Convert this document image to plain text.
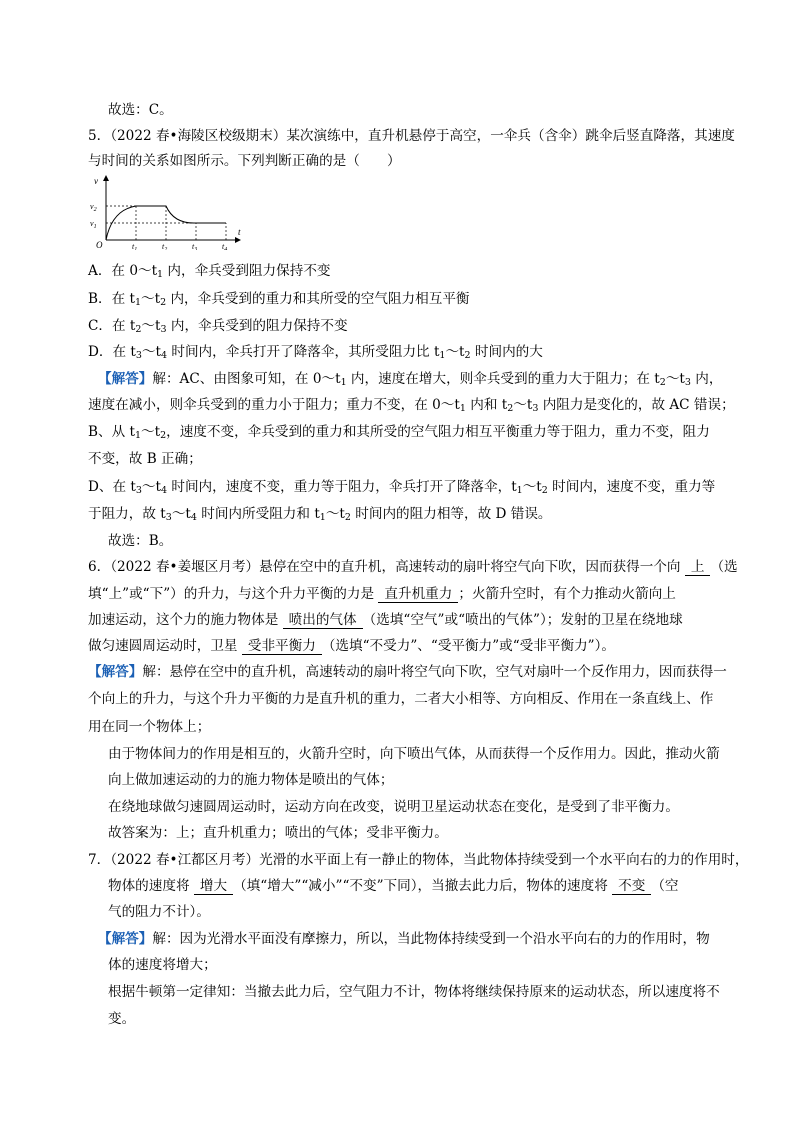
故选：C。
5．（2022 春•海陵区校级期末）某次演练中，直升机悬停于高空，一伞兵（含伞）跳伞后竖直降落，其速度
与时间的关系如图所示。下列判断正确的是（　　）
v
t
O	$t_1$	$t_2$	$t_3$	$t_4$
$v_1$
$v_2$
A．在 $0\sim t_1$ 内，伞兵受到阻力保持不变
B．在 $t_1\sim t_2$ 内，伞兵受到的重力和其所受的空气阻力相互平衡
C．在 $t_2\sim t_3$ 内，伞兵受到的阻力保持不变
D．在 $t_3\sim t_4$ 时间内，伞兵打开了降落伞，其所受阻力比 $t_1\sim t_2$ 时间内的大
【解答】解：AC、由图象可知，在 $0\sim t_1$ 内，速度在增大，则伞兵受到的重力大于阻力；在 $t_2\sim t_3$ 内，
速度在减小，则伞兵受到的重力小于阻力；重力不变，在 $0\sim t_1$ 内和 $t_2\sim t_3$ 内阻力是变化的，故 AC 错误；
B、从 $t_1\sim t_2$，速度不变，伞兵受到的重力和其所受的空气阻力相互平衡重力等于阻力，重力不变，阻力
不变，故 B 正确；
D、在 $t_3\sim t_4$ 时间内，速度不变，重力等于阻力，伞兵打开了降落伞，$t_1\sim t_2$ 时间内，速度不变，重力等
于阻力，故 $t_3\sim t_4$ 时间内所受阻力和 $t_1\sim t_2$ 时间内的阻力相等，故 D 错误。
故选：B。
6．（2022 春•姜堰区月考）悬停在空中的直升机，高速转动的扇叶将空气向下吹，因而获得一个向 上 （选
填“上”或“下”）的升力，与这个升力平衡的力是 直升机重力 ；火箭升空时，有个力推动火箭向上
加速运动，这个力的施力物体是 喷出的气体 （选填“空气”或“喷出的气体”）；发射的卫星在绕地球
做匀速圆周运动时，卫星 受非平衡力 （选填“不受力”、“受平衡力”或“受非平衡力”）。
【解答】解：悬停在空中的直升机，高速转动的扇叶将空气向下吹，空气对扇叶一个反作用力，因而获得一
个向上的升力，与这个升力平衡的力是直升机的重力，二者大小相等、方向相反、作用在一条直线上、作
用在同一个物体上；
由于物体间力的作用是相互的，火箭升空时，向下喷出气体，从而获得一个反作用力。因此，推动火箭
向上做加速运动的力的施力物体是喷出的气体；
在绕地球做匀速圆周运动时，运动方向在改变，说明卫星运动状态在变化，是受到了非平衡力。
故答案为：上；直升机重力；喷出的气体；受非平衡力。
7．（2022 春•江都区月考）光滑的水平面上有一静止的物体，当此物体持续受到一个水平向右的力的作用时，
物体的速度将 增大 （填“增大”“减小”“不变”下同），当撤去此力后，物体的速度将 不变 （空
气的阻力不计）。
【解答】解：因为光滑水平面没有摩擦力，所以，当此物体持续受到一个沿水平向右的力的作用时，物
体的速度将增大；
根据牛顿第一定律知：当撤去此力后，空气阻力不计，物体将继续保持原来的运动状态，所以速度将不
变。
